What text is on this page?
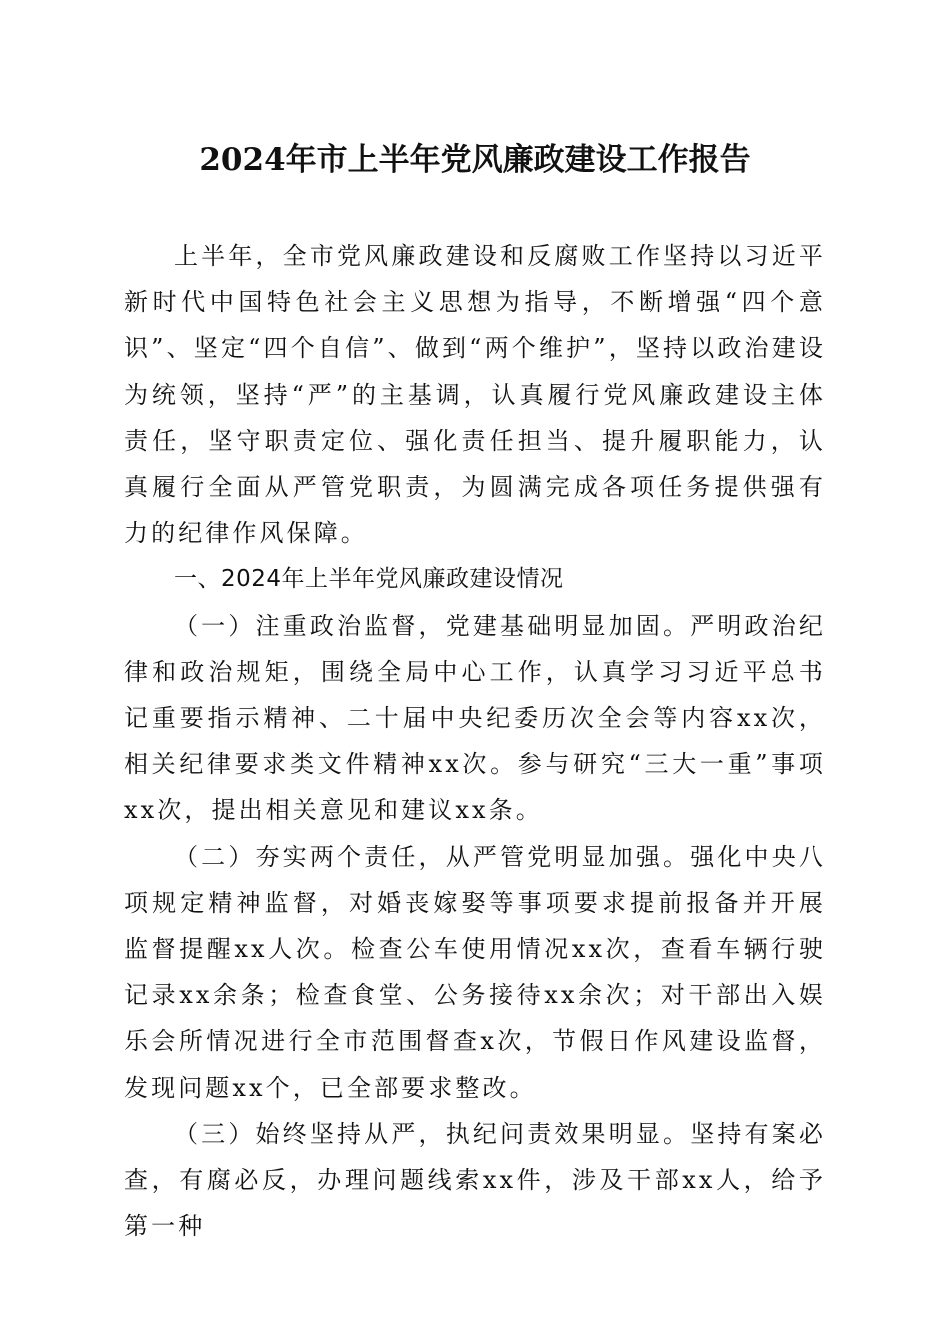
2024年市上半年党风廉政建设工作报告

上半年，全市党风廉政建设和反腐败工作坚持以习近平新时代中国特色社会主义思想为指导，不断增强“四个意识”、坚定“四个自信”、做到“两个维护”，坚持以政治建设为统领，坚持“严”的主基调，认真履行党风廉政建设主体责任，坚守职责定位、强化责任担当、提升履职能力，认真履行全面从严管党职责，为圆满完成各项任务提供强有力的纪律作风保障。

一、2024年上半年党风廉政建设情况

（一）注重政治监督，党建基础明显加固。严明政治纪律和政治规矩，围绕全局中心工作，认真学习习近平总书记重要指示精神、二十届中央纪委历次全会等内容xx次，相关纪律要求类文件精神xx次。参与研究“三大一重”事项xx次，提出相关意见和建议xx条。

（二）夯实两个责任，从严管党明显加强。强化中央八项规定精神监督，对婚丧嫁娶等事项要求提前报备并开展监督提醒xx人次。检查公车使用情况xx次，查看车辆行驶记录xx余条；检查食堂、公务接待xx余次；对干部出入娱乐会所情况进行全市范围督查x次，节假日作风建设监督，发现问题xx个，已全部要求整改。

（三）始终坚持从严，执纪问责效果明显。坚持有案必查，有腐必反，办理问题线索xx件，涉及干部xx人，给予第一种
